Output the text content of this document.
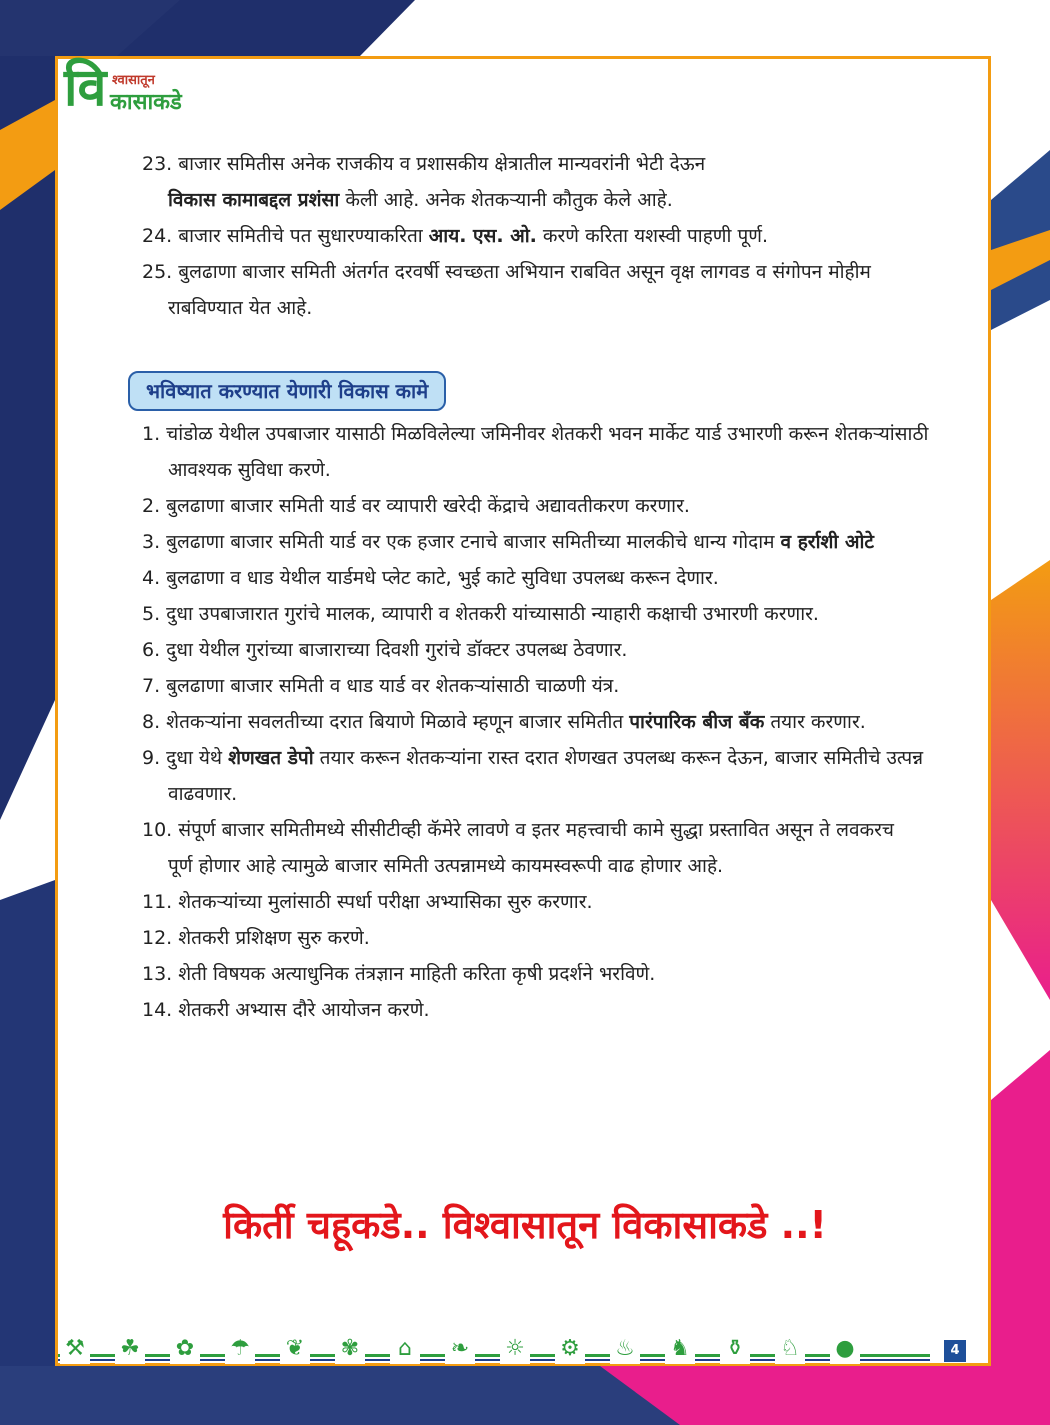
वि श्वासातून
कासाकडे
23. बाजार समितीस अनेक राजकीय व प्रशासकीय क्षेत्रातील मान्यवरांनी भेटी देऊन
विकास कामाबद्दल प्रशंसा केली आहे. अनेक शेतकऱ्यानी कौतुक केले आहे.
24. बाजार समितीचे पत सुधारण्याकरिता आय. एस. ओ. करणे करिता यशस्वी पाहणी पूर्ण.
25. बुलढाणा बाजार समिती अंतर्गत दरवर्षी स्वच्छता अभियान राबवित असून वृक्ष लागवड व संगोपन मोहीम
राबविण्यात येत आहे.
भविष्यात करण्यात येणारी विकास कामे
1. चांडोळ येथील उपबाजार यासाठी मिळविलेल्या जमिनीवर शेतकरी भवन मार्केट यार्ड उभारणी करून शेतकऱ्यांसाठी
आवश्यक सुविधा करणे.
2. बुलढाणा बाजार समिती यार्ड वर व्यापारी खरेदी केंद्राचे अद्यावतीकरण करणार.
3. बुलढाणा बाजार समिती यार्ड वर एक हजार टनाचे बाजार समितीच्या मालकीचे धान्य गोदाम व हर्राशी ओटे
4. बुलढाणा व धाड येथील यार्डमधे प्लेट काटे, भुई काटे सुविधा उपलब्ध करून देणार.
5. दुधा उपबाजारात गुरांचे मालक, व्यापारी व शेतकरी यांच्यासाठी न्याहारी कक्षाची उभारणी करणार.
6. दुधा येथील गुरांच्या बाजाराच्या दिवशी गुरांचे डॉक्टर उपलब्ध ठेवणार.
7. बुलढाणा बाजार समिती व धाड यार्ड वर शेतकऱ्यांसाठी चाळणी यंत्र.
8. शेतकऱ्यांना सवलतीच्या दरात बियाणे मिळावे म्हणून बाजार समितीत पारंपारिक बीज बँक तयार करणार.
9. दुधा येथे शेणखत डेपो तयार करून शेतकऱ्यांना रास्त दरात शेणखत उपलब्ध करून देऊन, बाजार समितीचे उत्पन्न
वाढवणार.
10. संपूर्ण बाजार समितीमध्ये सीसीटीव्ही कॅमेरे लावणे व इतर महत्त्वाची कामे सुद्धा प्रस्तावित असून ते लवकरच
पूर्ण होणार आहे त्यामुळे बाजार समिती उत्पन्नामध्ये कायमस्वरूपी वाढ होणार आहे.
11. शेतकऱ्यांच्या मुलांसाठी स्पर्धा परीक्षा अभ्यासिका सुरु करणार.
12. शेतकरी प्रशिक्षण सुरु करणे.
13. शेती विषयक अत्याधुनिक तंत्रज्ञान माहिती करिता कृषी प्रदर्शने भरविणे.
14. शेतकरी अभ्यास दौरे आयोजन करणे.
किर्ती चहूकडे.. विश्वासातून विकासाकडे ..!
⚒ ☘ ✿ ☂ ❦ ✾	⌂	❧ ☼ ⚙ ♨ ♞ ⚱ ♘ ●	4
